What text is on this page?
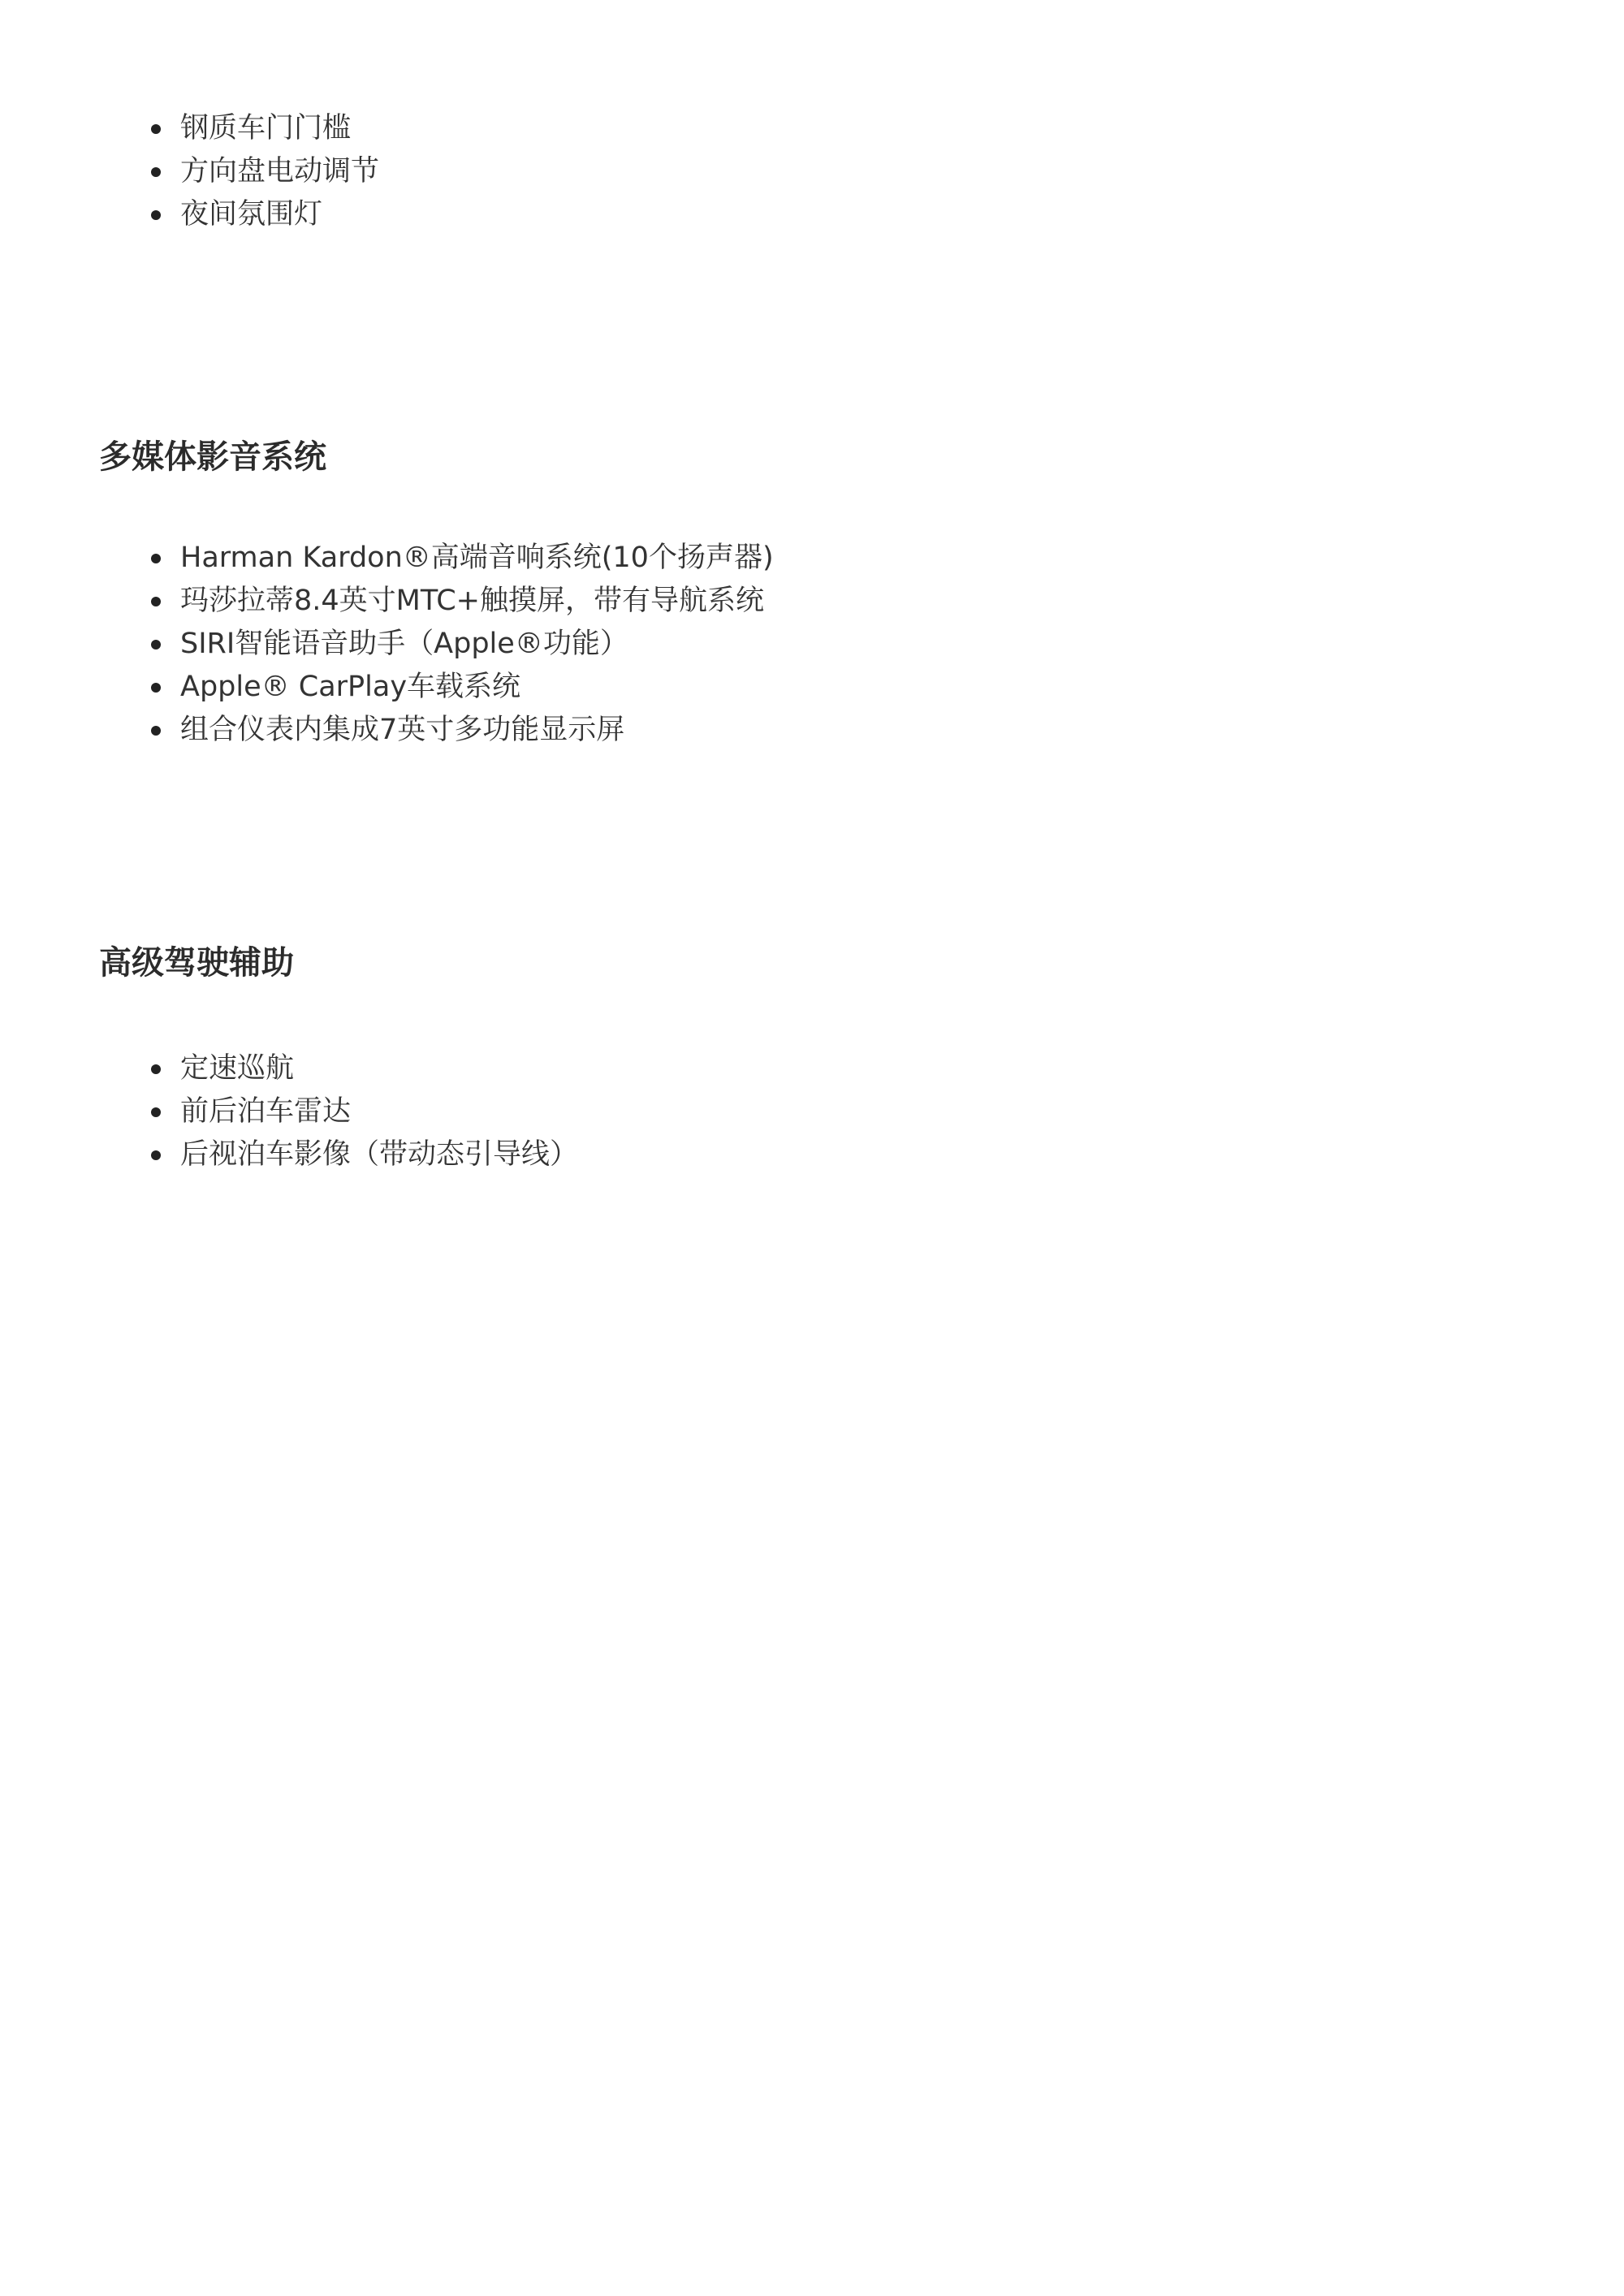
钢质车门门槛
方向盘电动调节
夜间氛围灯
多媒体影音系统
Harman Kardon®高端音响系统(10个扬声器)
玛莎拉蒂8.4英寸MTC+触摸屏，带有导航系统
SIRI智能语音助手（Apple®功能）
Apple® CarPlay车载系统
组合仪表内集成7英寸多功能显示屏
高级驾驶辅助
定速巡航
前后泊车雷达
后视泊车影像（带动态引导线）
